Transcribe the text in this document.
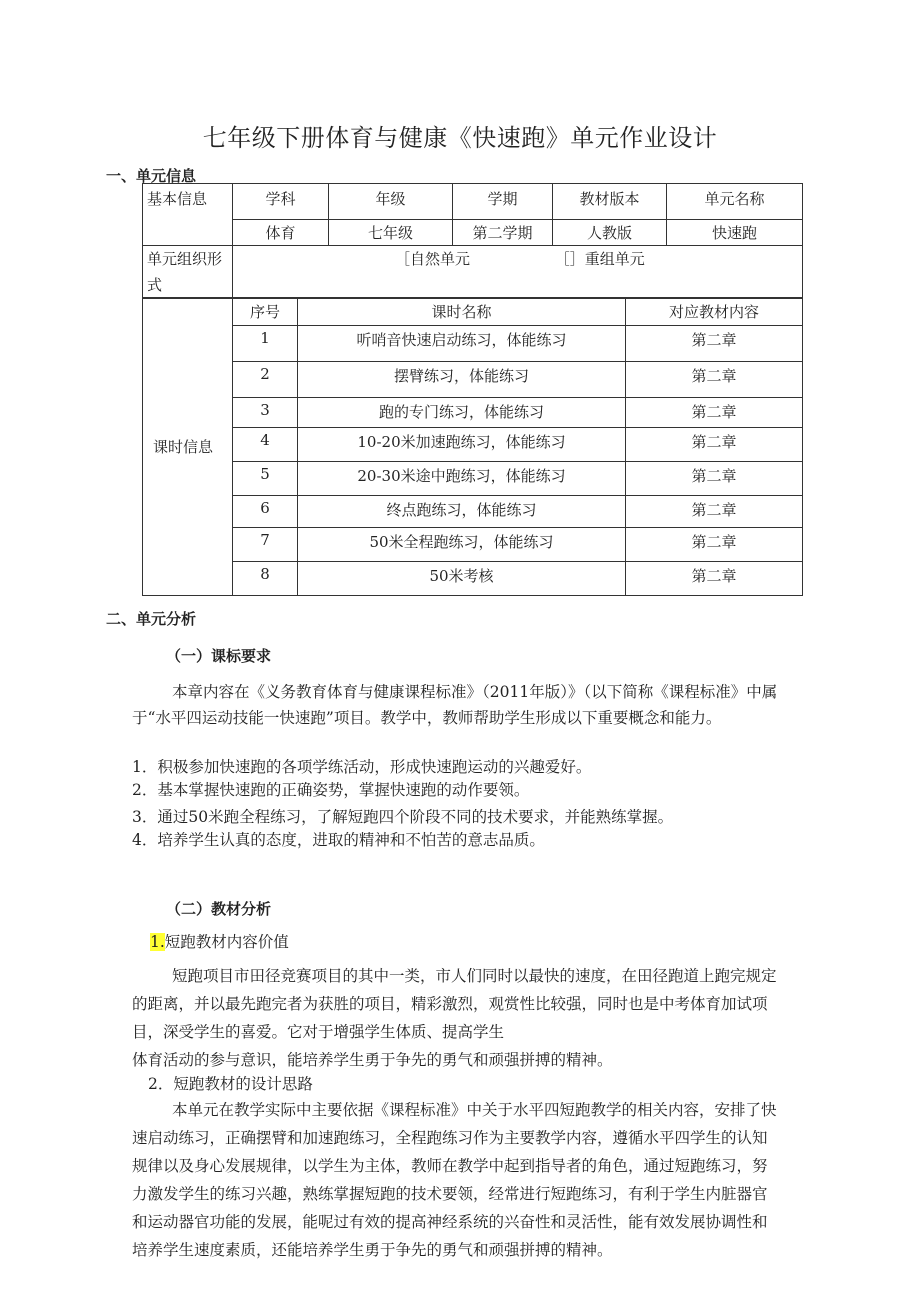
七年级下册体育与健康《快速跑》单元作业设计
一、单元信息
基本信息	学科	年级	学期	教材版本	单元名称
	体育	七年级	第二学期	人教版	快速跑
单元组织形式	［自然单元 ［］重组单元				
课时信息	序号	课时名称	对应教材内容
	1	听哨音快速启动练习，体能练习	第二章
	2	摆臂练习，体能练习	第二章
	3	跑的专门练习，体能练习	第二章
	4	10-20米加速跑练习，体能练习	第二章
	5	20-30米途中跑练习，体能练习	第二章
	6	终点跑练习，体能练习	第二章
	7	50米全程跑练习，体能练习	第二章
	8	50米考核	第二章
二、单元分析
（一）课标要求
本章内容在《义务教育体育与健康课程标准》（2011年版）》（以下简称《课程标准》中属
于“水平四运动技能一快速跑”项目。教学中，教师帮助学生形成以下重要概念和能力。
1．积极参加快速跑的各项学练活动，形成快速跑运动的兴趣爱好。
2．基本掌握快速跑的正确姿势，掌握快速跑的动作要领。
3．通过50米跑全程练习，了解短跑四个阶段不同的技术要求，并能熟练掌握。
4．培养学生认真的态度，进取的精神和不怕苦的意志品质。
（二）教材分析
1.短跑教材内容价值
短跑项目市田径竞赛项目的其中一类，市人们同时以最快的速度，在田径跑道上跑完规定
的距离，并以最先跑完者为获胜的项目，精彩激烈，观赏性比较强，同时也是中考体育加试项
目，深受学生的喜爱。它对于增强学生体质、提高学生
体育活动的参与意识，能培养学生勇于争先的勇气和顽强拼搏的精神。
2．短跑教材的设计思路
本单元在教学实际中主要依据《课程标准》中关于水平四短跑教学的相关内容，安排了快
速启动练习，正确摆臂和加速跑练习，全程跑练习作为主要教学内容，遵循水平四学生的认知
规律以及身心发展规律，以学生为主体，教师在教学中起到指导者的角色，通过短跑练习，努
力激发学生的练习兴趣，熟练掌握短跑的技术要领，经常进行短跑练习，有利于学生内脏器官
和运动器官功能的发展，能呢过有效的提高神经系统的兴奋性和灵活性，能有效发展协调性和
培养学生速度素质，还能培养学生勇于争先的勇气和顽强拼搏的精神。
